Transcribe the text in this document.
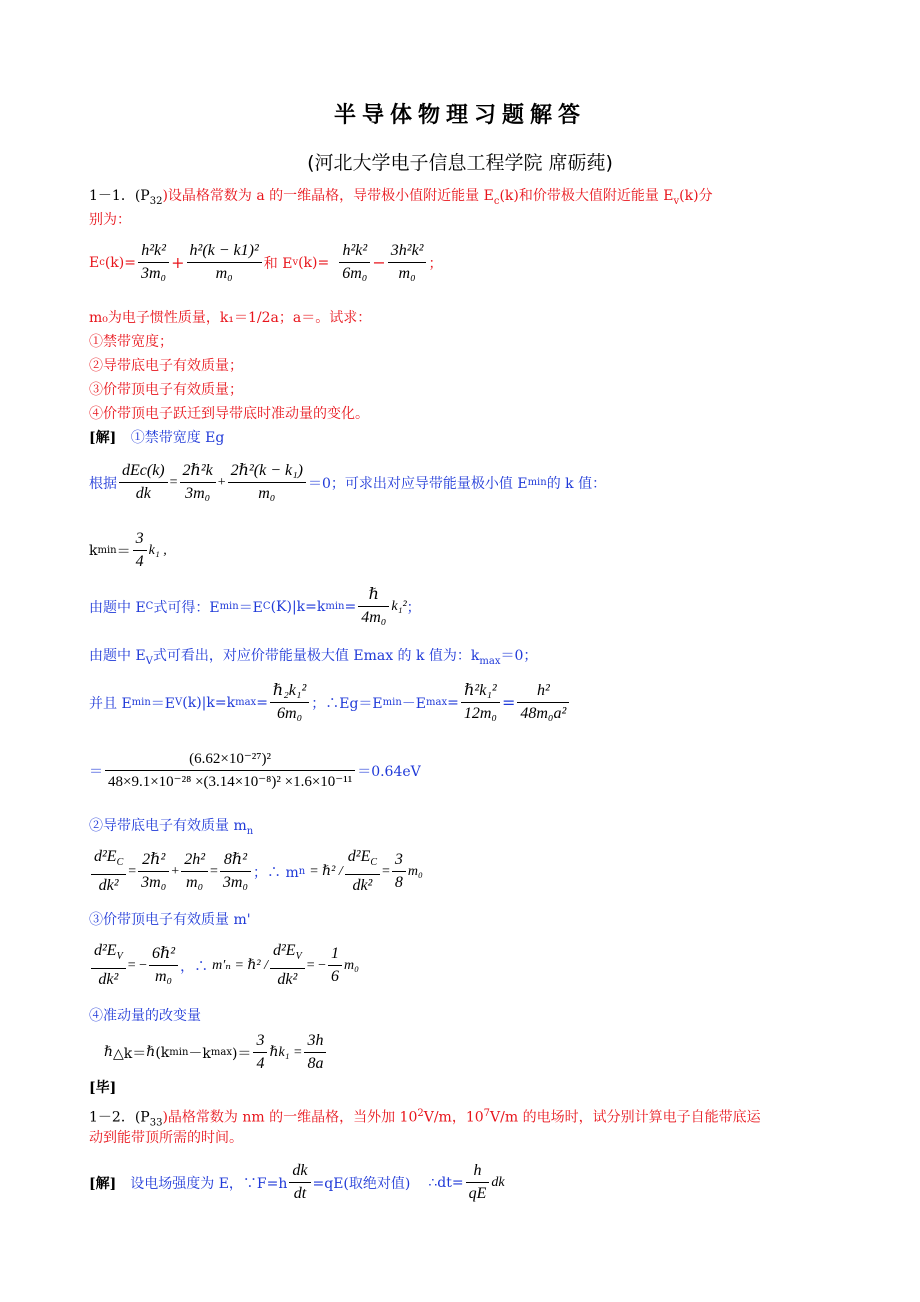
半导体物理习题解答
(河北大学电子信息工程学院 席砺莼)
1－1．$(P_{32})$设晶格常数为 a 的一维晶格，导带极小值附近能量 $E_c(k)$和价带极大值附近能量 $E_v(k)$分
别为：
E c $(k)= \frac{\text{h²k²}}{\text{3m₀}} + \frac{\text{h²(k − k1)²}}{\text{m₀}}$ 和 E v $(k)= \frac{\text{h²k²}}{\text{6m₀}} - \frac{\text{3h²k²}}{\text{m₀}}$ ；
m₀为电子惯性质量，k₁＝1/2a；a＝。试求：
①禁带宽度；
②导带底电子有效质量；
③价带顶电子有效质量；
④价带顶电子跃迁到导带底时准动量的变化。
[解] ①禁带宽度 Eg
根据 $\frac{\text{dEc(k)}}{dk} = \frac{\text{2ℏ²k}}{\text{3m₀}} + \frac{\text{2ℏ²(k − k₁)}}{\text{m₀}} =0$；可求出对应导带能量极小值 E min 的 k 值：
k $\min = \frac{3}{4} k_1$ ,
由题中 E C 式可得：E min ＝E C (K)|k=k $\min = \frac{\text{ℏ}}{\text{4m₀}} k_1^2$ ；
由题中 $E_V$式可看出，对应价带能量极大值 Emax 的 k 值为：$k_{max}=0$；
并且 E min ＝E V (k)|k=k $\max = \frac{\text{ℏ₂k₁²}}{\text{6m₀}}$ ；∴Eg＝E min －E $\max = \frac{\text{ℏ²k₁²}}{\text{12m₀}} = \frac{\text{h²}}{\text{48m₀a²}}$
＝ $\frac{\text{(6.62×10⁻²⁷)²}}{\text{48×9.1×10⁻²⁸ ×(3.14×10⁻⁸)² ×1.6×10⁻¹¹}} =0.64eV$
②导带底电子有效质量 $m_n$
$\frac{d^2E_C}{\text{dk²}} = \frac{\text{2ℏ²}}{\text{3m₀}} + \frac{\text{2h²}}{\text{m₀}} = \frac{\text{8ℏ²}}{\text{3m₀}}$ ；∴ m n = ℏ² / $\frac{d^2E_C}{\text{dk²}} = \frac{3}{8} m_0$
③价带顶电子有效质量 m'
$\frac{d^2E_V}{\text{dk²}}$ = − $\frac{\text{6ℏ²}}{\text{m₀}}$ ，∴ m′ₙ = ℏ² / $\frac{d^2E_V}{\text{dk²}}$ = − $\frac{1}{6} m_0$
④准动量的改变量
ℏ △k＝ ℏ (k min －k max )＝ $\frac{3}{4}$ ℏk₁ = $\frac{3h}{8a}$
[毕]
1－2．$(P_{33})$晶格常数为 nm 的一维晶格，当外加 $10^2V/m$，$10^7V/m$ 的电场时，试分别计算电子自能带底运
动到能带顶所需的时间。
[解] 设电场强度为 E，∵F=h $\frac{dk}{dt} =qE$(取绝对值) ∴dt= $\frac{h}{qE}$ dk
